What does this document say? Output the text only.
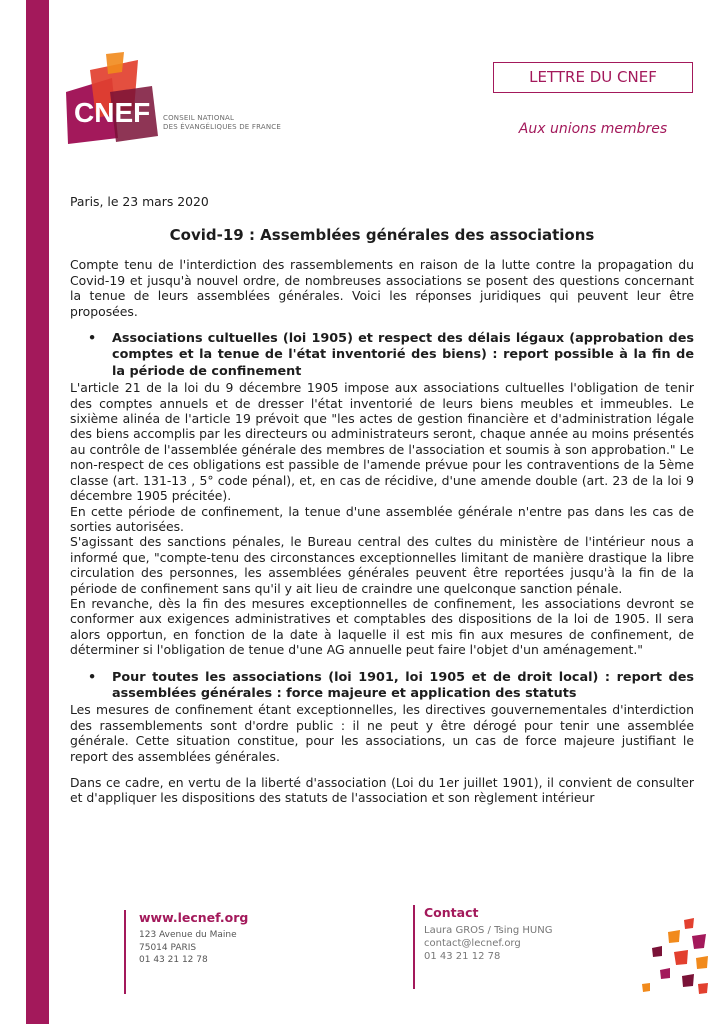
CNEF CONSEIL NATIONAL
DES ÉVANGÉLIQUES DE FRANCE
LETTRE DU CNEF
Aux unions membres
Paris, le 23 mars 2020
Covid-19 : Assemblées générales des associations
Compte tenu de l'interdiction des rassemblements en raison de la lutte contre la propagation du Covid-19 et jusqu'à nouvel ordre, de nombreuses associations se posent des questions concernant la tenue de leurs assemblées générales. Voici les réponses juridiques qui peuvent leur être proposées.
•	Associations cultuelles (loi 1905) et respect des délais légaux (approbation des comptes et la tenue de l'état inventorié des biens) : report possible à la fin de la période de confinement
L'article 21 de la loi du 9 décembre 1905 impose aux associations cultuelles l'obligation de tenir des comptes annuels et de dresser l'état inventorié de leurs biens meubles et immeubles. Le sixième alinéa de l'article 19 prévoit que "les actes de gestion financière et d'administration légale des biens accomplis par les directeurs ou administrateurs seront, chaque année au moins présentés au contrôle de l'assemblée générale des membres de l'association et soumis à son approbation." Le non-respect de ces obligations est passible de l'amende prévue pour les contraventions de la 5ème classe (art. 131-13 , 5° code pénal), et, en cas de récidive, d'une amende double (art. 23 de la loi 9 décembre 1905 précitée).
En cette période de confinement, la tenue d'une assemblée générale n'entre pas dans les cas de sorties autorisées.
S'agissant des sanctions pénales, le Bureau central des cultes du ministère de l'intérieur nous a informé que, "compte-tenu des circonstances exceptionnelles limitant de manière drastique la libre circulation des personnes, les assemblées générales peuvent être reportées jusqu'à la fin de la période de confinement sans qu'il y ait lieu de craindre une quelconque sanction pénale.
En revanche, dès la fin des mesures exceptionnelles de confinement, les associations devront se conformer aux exigences administratives et comptables des dispositions de la loi de 1905. Il sera alors opportun, en fonction de la date à laquelle il est mis fin aux mesures de confinement, de déterminer si l'obligation de tenue d'une AG annuelle peut faire l'objet d'un aménagement."
•	Pour toutes les associations (loi 1901, loi 1905 et de droit local) : report des assemblées générales : force majeure et application des statuts
Les mesures de confinement étant exceptionnelles, les directives gouvernementales d'interdiction des rassemblements sont d'ordre public : il ne peut y être dérogé pour tenir une assemblée générale. Cette situation constitue, pour les associations, un cas de force majeure justifiant le report des assemblées générales.
Dans ce cadre, en vertu de la liberté d'association (Loi du 1er juillet 1901), il convient de consulter et d'appliquer les dispositions des statuts de l'association et son règlement intérieur
www.lecnef.org
123 Avenue du Maine
75014 PARIS
01 43 21 12 78
Contact
Laura GROS / Tsing HUNG
contact@lecnef.org
01 43 21 12 78
